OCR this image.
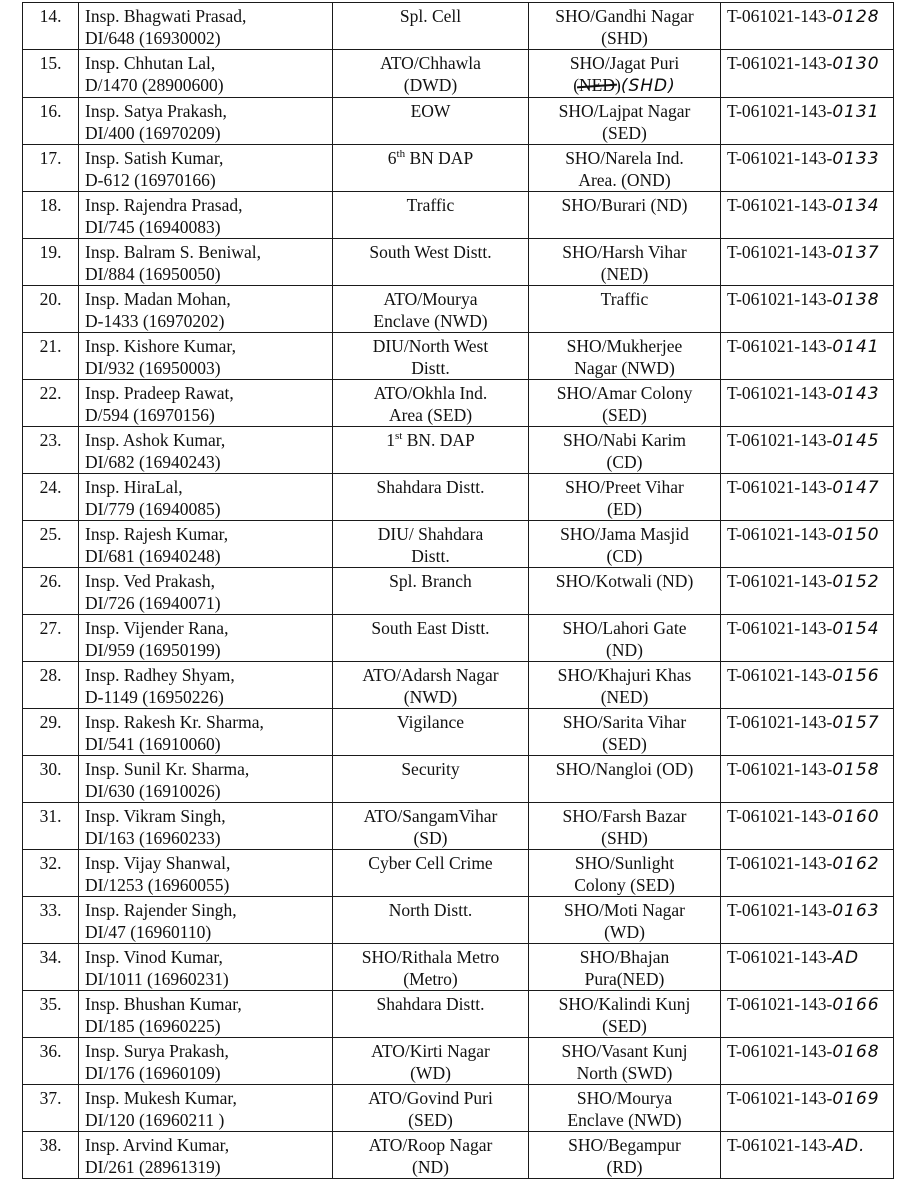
14.	Insp. Bhagwati Prasad,
DI/648 (16930002)	Spl. Cell	SHO/Gandhi Nagar
(SHD)	T-061021-143-0128

15.	Insp. Chhutan Lal,
D/1470 (28900600)	ATO/Chhawla
(DWD)	SHO/Jagat Puri
(NED)(SHD)	T-061021-143-0130

16.	Insp. Satya Prakash,
DI/400 (16970209)	EOW	SHO/Lajpat Nagar
(SED)	T-061021-143-0131

17.	Insp. Satish Kumar,
D-612 (16970166)	6th BN DAP	SHO/Narela Ind.
Area. (OND)	T-061021-143-0133

18.	Insp. Rajendra Prasad,
DI/745 (16940083)	Traffic	SHO/Burari (ND)	T-061021-143-0134

19.	Insp. Balram S. Beniwal,
DI/884 (16950050)	South West Distt.	SHO/Harsh Vihar
(NED)	T-061021-143-0137

20.	Insp. Madan Mohan,
D-1433 (16970202)	ATO/Mourya
Enclave (NWD)	Traffic	T-061021-143-0138

21.	Insp. Kishore Kumar,
DI/932 (16950003)	DIU/North West
Distt.	SHO/Mukherjee
Nagar (NWD)	T-061021-143-0141

22.	Insp. Pradeep Rawat,
D/594 (16970156)	ATO/Okhla Ind.
Area (SED)	SHO/Amar Colony
(SED)	T-061021-143-0143

23.	Insp. Ashok Kumar,
DI/682 (16940243)	1st BN. DAP	SHO/Nabi Karim
(CD)	T-061021-143-0145

24.	Insp. HiraLal,
DI/779 (16940085)	Shahdara Distt.	SHO/Preet Vihar
(ED)	T-061021-143-0147

25.	Insp. Rajesh Kumar,
DI/681 (16940248)	DIU/ Shahdara
Distt.	SHO/Jama Masjid
(CD)	T-061021-143-0150

26.	Insp. Ved Prakash,
DI/726 (16940071)	Spl. Branch	SHO/Kotwali (ND)	T-061021-143-0152

27.	Insp. Vijender Rana,
DI/959 (16950199)	South East Distt.	SHO/Lahori Gate
(ND)	T-061021-143-0154

28.	Insp. Radhey Shyam,
D-1149 (16950226)	ATO/Adarsh Nagar
(NWD)	SHO/Khajuri Khas
(NED)	T-061021-143-0156

29.	Insp. Rakesh Kr. Sharma,
DI/541 (16910060)	Vigilance	SHO/Sarita Vihar
(SED)	T-061021-143-0157

30.	Insp. Sunil Kr. Sharma,
DI/630 (16910026)	Security	SHO/Nangloi (OD)	T-061021-143-0158

31.	Insp. Vikram Singh,
DI/163 (16960233)	ATO/SangamVihar
(SD)	SHO/Farsh Bazar
(SHD)	T-061021-143-0160

32.	Insp. Vijay Shanwal,
DI/1253 (16960055)	Cyber Cell Crime	SHO/Sunlight
Colony (SED)	T-061021-143-0162

33.	Insp. Rajender Singh,
DI/47 (16960110)	North Distt.	SHO/Moti Nagar
(WD)	T-061021-143-0163

34.	Insp. Vinod Kumar,
DI/1011 (16960231)	SHO/Rithala Metro
(Metro)	SHO/Bhajan
Pura(NED)	T-061021-143-AD

35.	Insp. Bhushan Kumar,
DI/185 (16960225)	Shahdara Distt.	SHO/Kalindi Kunj
(SED)	T-061021-143-0166

36.	Insp. Surya Prakash,
DI/176 (16960109)	ATO/Kirti Nagar
(WD)	SHO/Vasant Kunj
North (SWD)	T-061021-143-0168

37.	Insp. Mukesh Kumar,
DI/120 (16960211 )	ATO/Govind Puri
(SED)	SHO/Mourya
Enclave (NWD)	T-061021-143-0169

38.	Insp. Arvind Kumar,
DI/261 (28961319)	ATO/Roop Nagar
(ND)	SHO/Begampur
(RD)	T-061021-143-AD.
